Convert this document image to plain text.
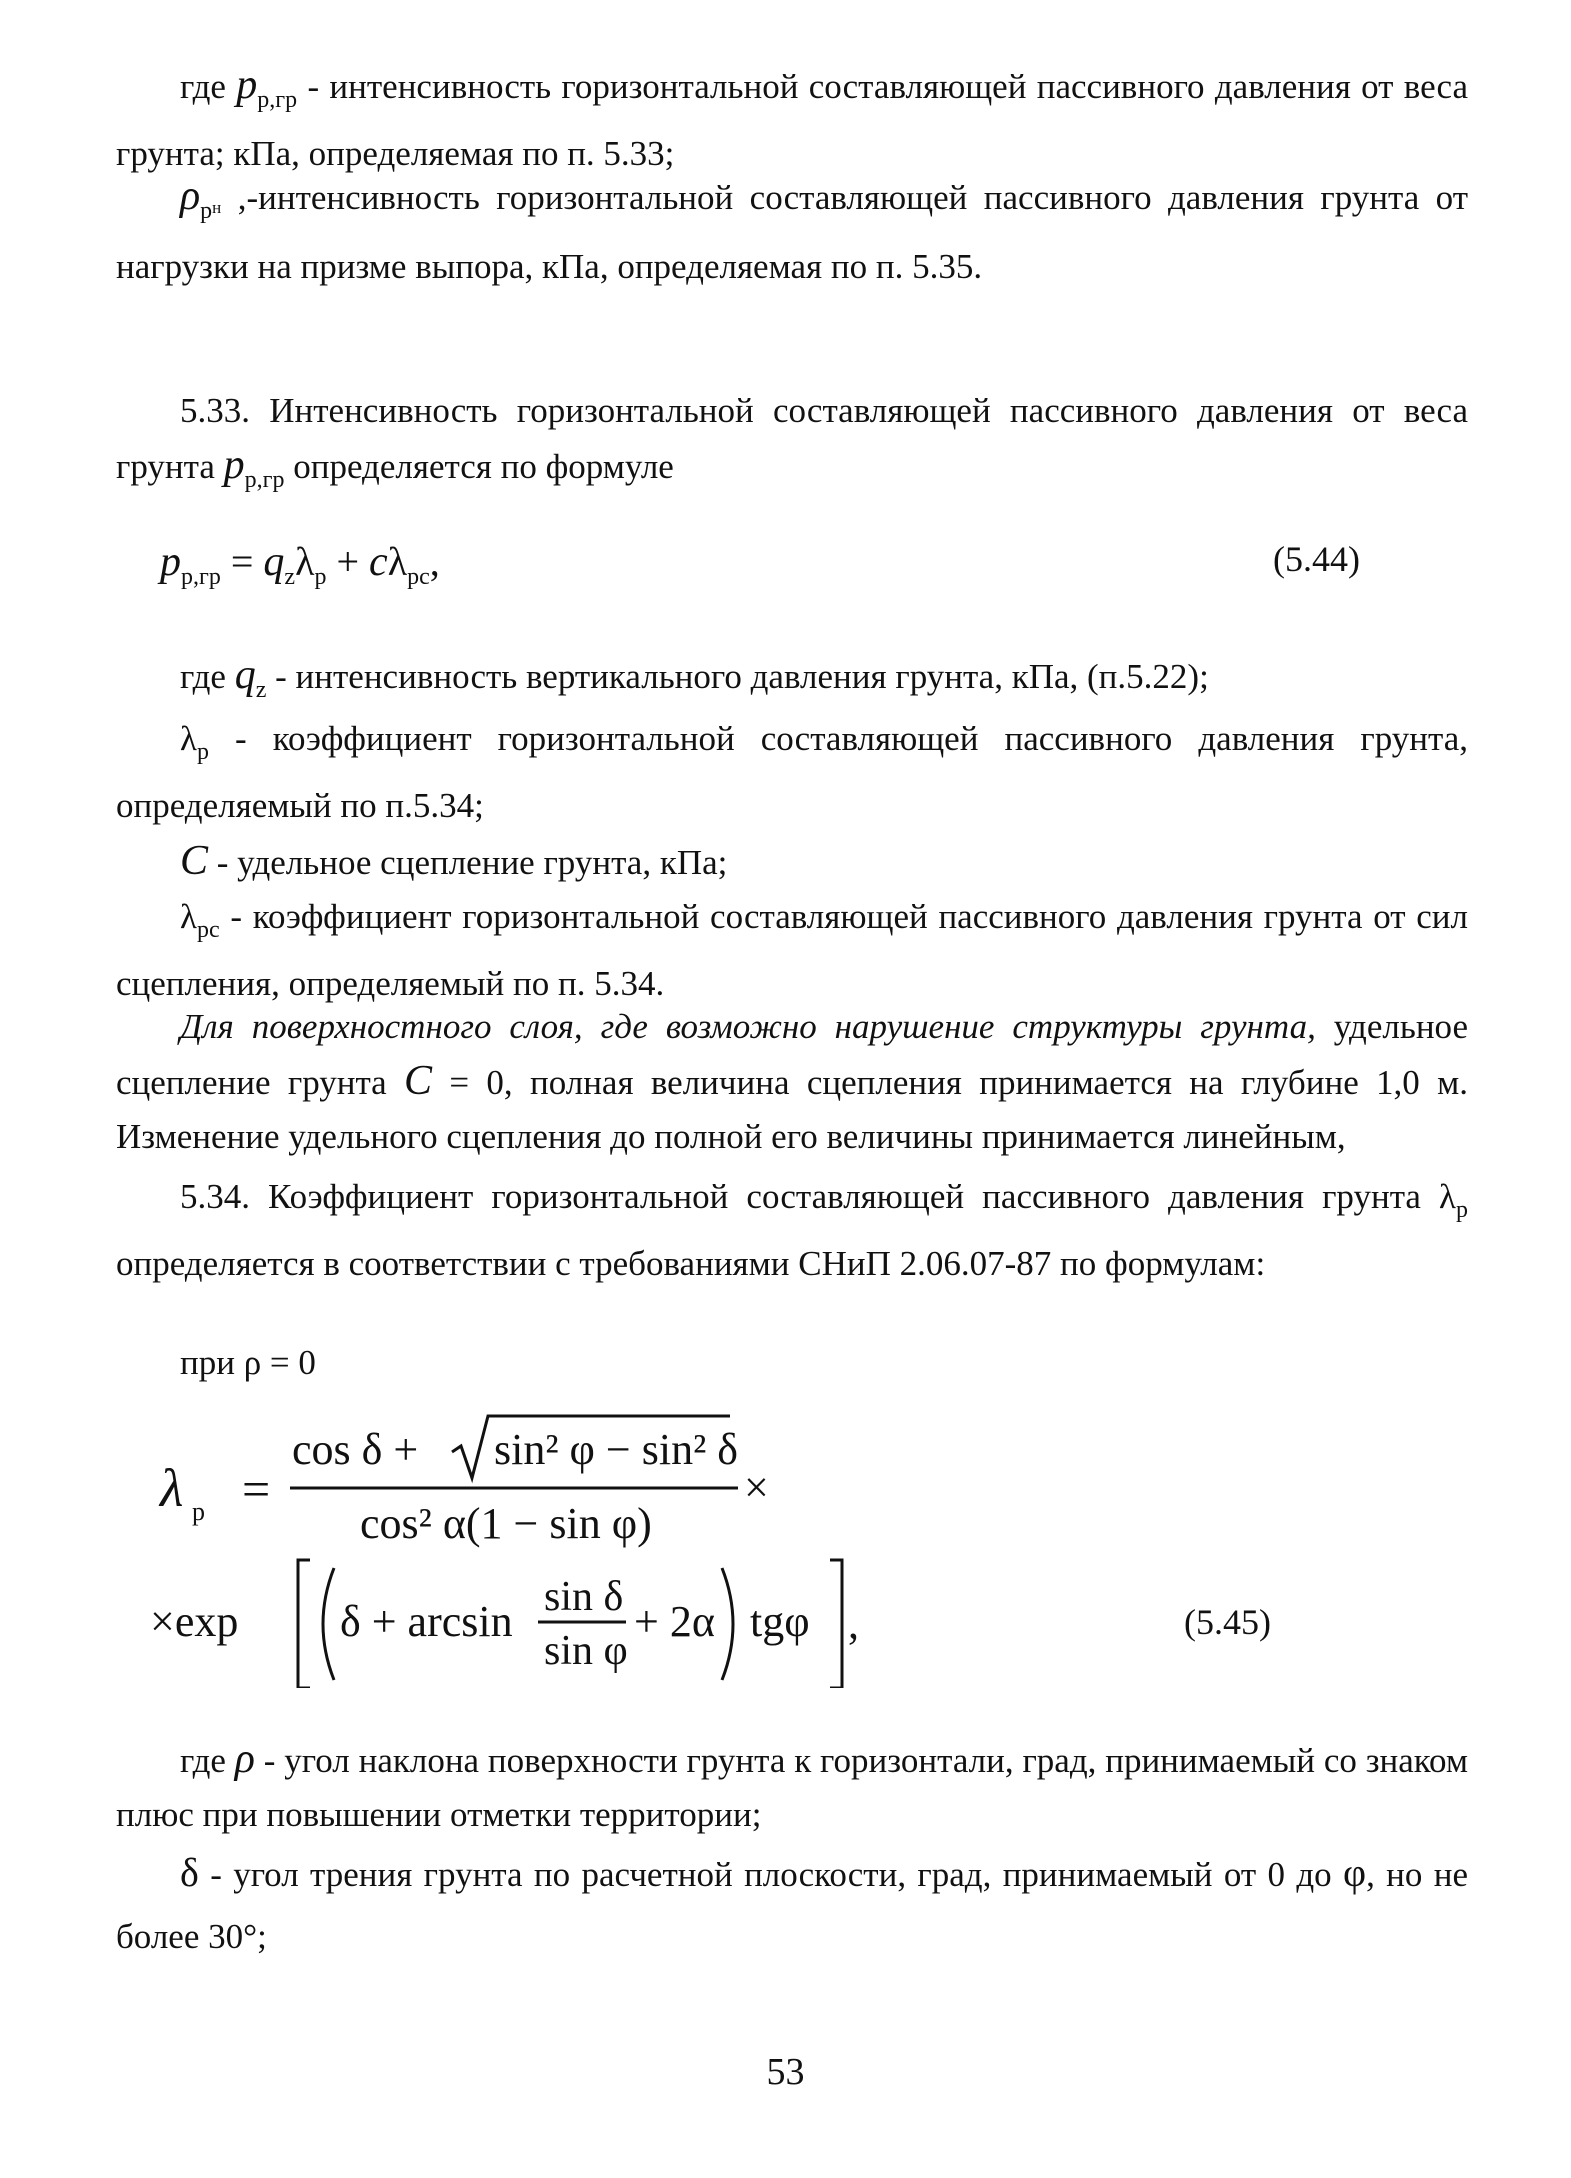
где $p_{р,гр}$ - интенсивность горизонтальной составляющей пассивного давления от веса грунта; кПа, определяемая по п. 5.33;

$\rho_рн$ ,-интенсивность горизонтальной составляющей пассивного давления грунта от нагрузки на призме выпора, кПа, определяемая по п. 5.35.

5.33. Интенсивность горизонтальной составляющей пассивного давления от веса грунта $p_{р,гр}$ определяется по формуле

$p_{р,гр} = q_z\lambda_р + c\lambda_{рс}$,	(5.44)

где $q_z$ - интенсивность вертикального давления грунта, кПа, (п.5.22);

$\lambda_р$ - коэффициент горизонтальной составляющей пассивного давления грунта, определяемый по п.5.34;

C - удельное сцепление грунта, кПа;

$\lambda_{рс}$ - коэффициент горизонтальной составляющей пассивного давления грунта от сил сцепления, определяемый по п. 5.34.

Для поверхностного слоя, где возможно нарушение структуры грунта, удельное сцепление грунта C = 0, полная величина сцепления принимается на глубине 1,0 м. Изменение удельного сцепления до полной его величины принимается линейным,

5.34. Коэффициент горизонтальной составляющей пассивного давления грунта $\lambda_р$ определяется в соответствии с требованиями СНиП 2.06.07-87 по формулам:

при ρ = 0

λ р =
cos δ + sin² φ − sin² δ
cos² α(1 − sin φ)
×
×exp δ + arcsin sin δ
sin φ
+ 2α tgφ ,	(5.45)

где ρ - угол наклона поверхности грунта к горизонтали, град, принимаемый со знаком плюс при повышении отметки территории;

δ - угол трения грунта по расчетной плоскости, град, принимаемый от 0 до φ, но не более 30°;

53
